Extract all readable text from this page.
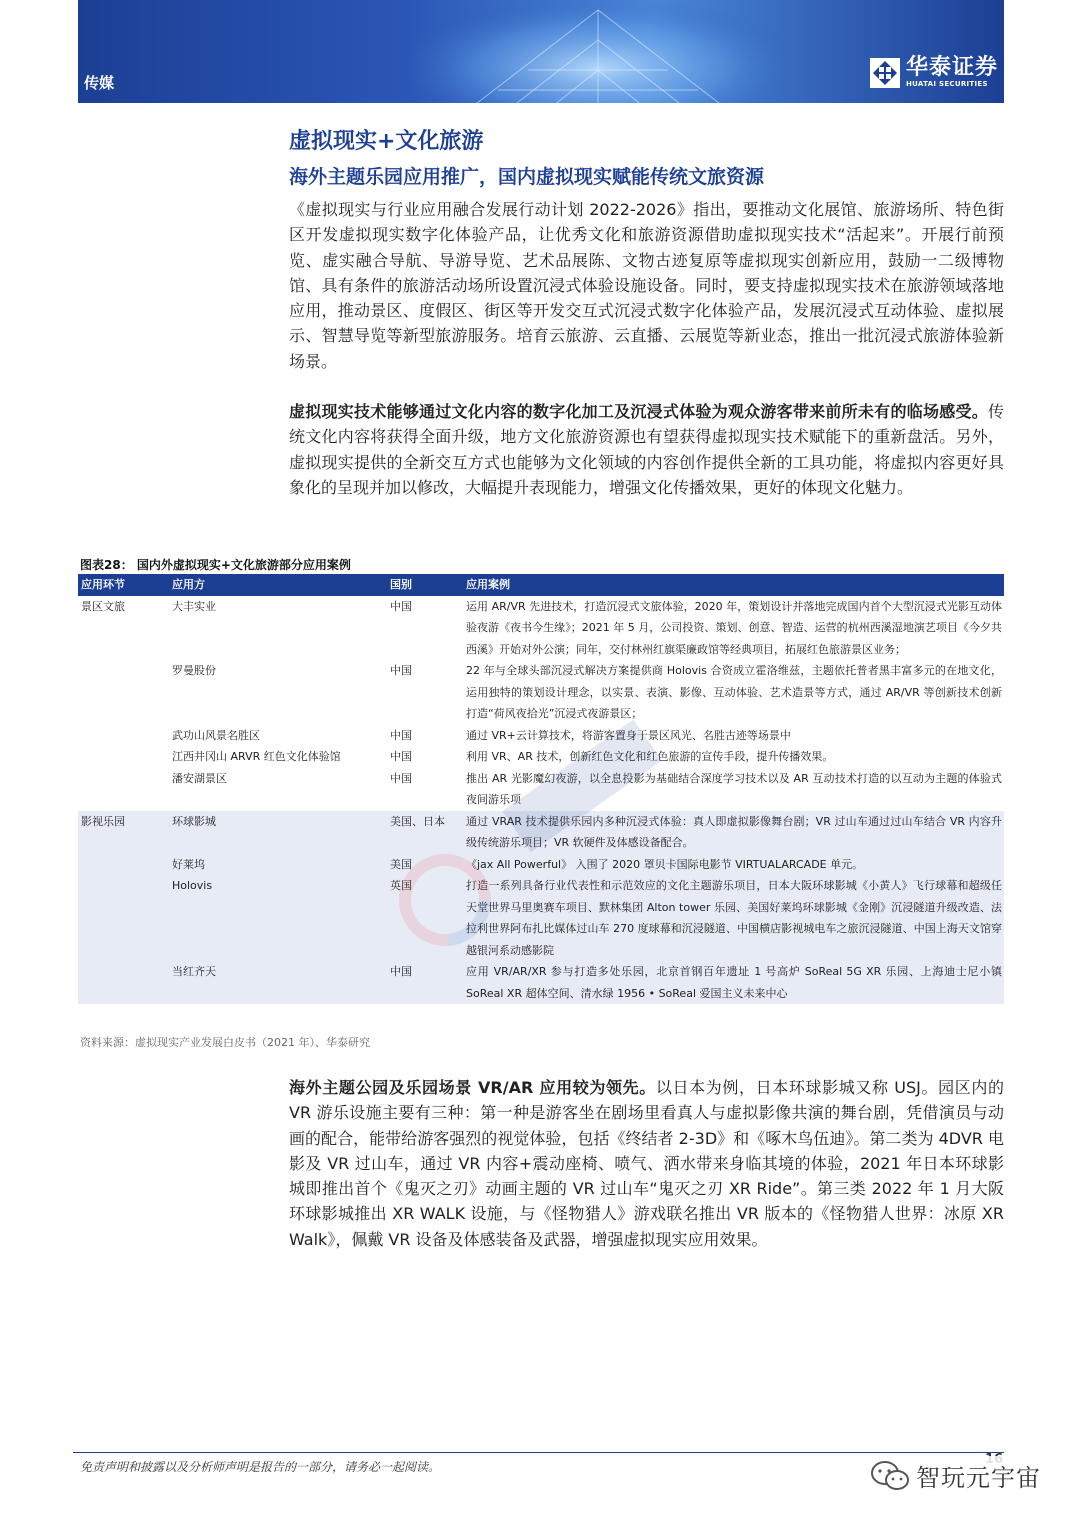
传媒
华泰证券
HUATAI SECURITIES
虚拟现实+文化旅游
海外主题乐园应用推广，国内虚拟现实赋能传统文旅资源
《虚拟现实与行业应用融合发展行动计划 2022-2026》指出，要推动文化展馆、旅游场所、特色街区开发虚拟现实数字化体验产品，让优秀文化和旅游资源借助虚拟现实技术“活起来”。开展行前预览、虚实融合导航、导游导览、艺术品展陈、文物古迹复原等虚拟现实创新应用，鼓励一二级博物馆、具有条件的旅游活动场所设置沉浸式体验设施设备。同时，要支持虚拟现实技术在旅游领域落地应用，推动景区、度假区、街区等开发交互式沉浸式数字化体验产品，发展沉浸式互动体验、虚拟展示、智慧导览等新型旅游服务。培育云旅游、云直播、云展览等新业态，推出一批沉浸式旅游体验新场景。
虚拟现实技术能够通过文化内容的数字化加工及沉浸式体验为观众游客带来前所未有的临场感受。传统文化内容将获得全面升级，地方文化旅游资源也有望获得虚拟现实技术赋能下的重新盘活。另外，虚拟现实提供的全新交互方式也能够为文化领域的内容创作提供全新的工具功能，将虚拟内容更好具象化的呈现并加以修改，大幅提升表现能力，增强文化传播效果，更好的体现文化魅力。
图表28： 国内外虚拟现实+文化旅游部分应用案例
应用环节	应用方	国别	应用案例
景区文旅	大丰实业	中国	运用 AR/VR 先进技术，打造沉浸式文旅体验，2020 年，策划设计并落地完成国内首个大型沉浸式光影互动体验夜游《夜书今生缘》；2021 年 5 月，公司投资、策划、创意、智造、运营的杭州西溪湿地演艺项目《今夕共西溪》开始对外公演；同年，交付林州红旗渠廉政馆等经典项目，拓展红色旅游景区业务；
	罗曼股份	中国	22 年与全球头部沉浸式解决方案提供商 Holovis 合资成立霍洛维兹，主题依托普者黑丰富多元的在地文化，运用独特的策划设计理念，以实景、表演、影像、互动体验、艺术造景等方式，通过 AR/VR 等创新技术创新打造“荷风夜拾光”沉浸式夜游景区；
	武功山风景名胜区	中国	通过 VR+云计算技术，将游客置身于景区风光、名胜古迹等场景中
	江西井冈山 ARVR 红色文化体验馆	中国	利用 VR、AR 技术，创新红色文化和红色旅游的宣传手段，提升传播效果。
	潘安湖景区	中国	推出 AR 光影魔幻夜游，以全息投影为基础结合深度学习技术以及 AR 互动技术打造的以互动为主题的体验式夜间游乐项
影视乐园	环球影城	美国、日本	通过 VRAR 技术提供乐园内多种沉浸式体验：真人即虚拟影像舞台剧；VR 过山车通过过山车结合 VR 内容升级传统游乐项目；VR 软硬件及体感设备配合。
	好莱坞	美国	《jax All Powerful》 入围了 2020 罩贝卡国际电影节 VIRTUALARCADE 单元。
	Holovis	英国	打造一系列具备行业代表性和示范效应的文化主题游乐项目，日本大阪环球影城《小黄人》飞行球幕和超级任天堂世界马里奥赛车项目、默林集团 Alton tower 乐园、美国好莱坞环球影城《金刚》沉浸隧道升级改造、法拉利世界阿布扎比媒体过山车 270 度球幕和沉浸隧道、中国横店影视城电车之旅沉浸隧道、中国上海天文馆穿越银河系动感影院
	当红齐天	中国	应用 VR/AR/XR 参与打造多处乐园，北京首钢百年遗址 1 号高炉 SoReal 5G XR 乐园、上海迪士尼小镇 SoReal XR 超体空间、清水绿 1956 • SoReal 爱国主义未来中心
资料来源：虚拟现实产业发展白皮书（2021 年）、华泰研究
海外主题公园及乐园场景 VR/AR 应用较为领先。以日本为例，日本环球影城又称 USJ。园区内的 VR 游乐设施主要有三种：第一种是游客坐在剧场里看真人与虚拟影像共演的舞台剧，凭借演员与动画的配合，能带给游客强烈的视觉体验，包括《终结者 2-3D》和《啄木鸟伍迪》。第二类为 4DVR 电影及 VR 过山车，通过 VR 内容+震动座椅、喷气、洒水带来身临其境的体验，2021 年日本环球影城即推出首个《鬼灭之刃》动画主题的 VR 过山车“鬼灭之刃 XR Ride”。第三类 2022 年 1 月大阪环球影城推出 XR WALK 设施，与《怪物猎人》游戏联名推出 VR 版本的《怪物猎人世界：冰原 XR Walk》，佩戴 VR 设备及体感装备及武器，增强虚拟现实应用效果。
免责声明和披露以及分析师声明是报告的一部分，请务必一起阅读。	智玩元宇宙
